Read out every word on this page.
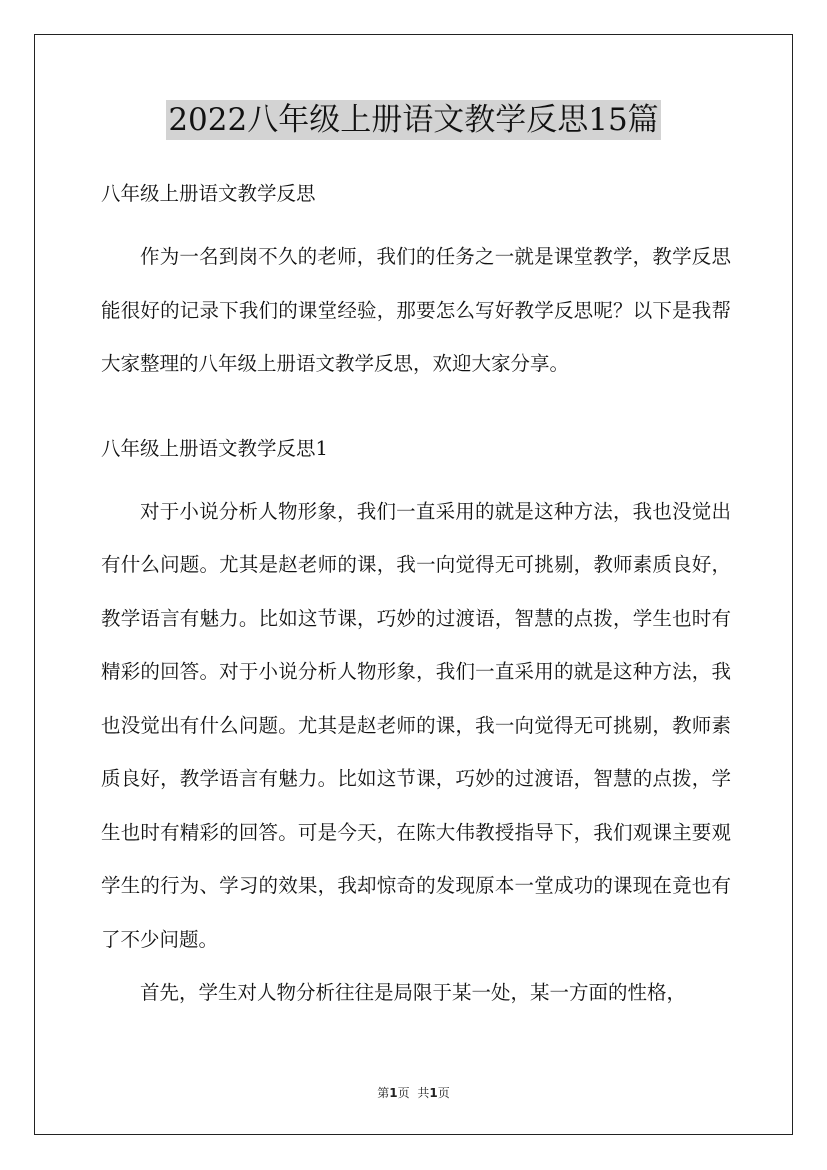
2022八年级上册语文教学反思15篇

八年级上册语文教学反思

作为一名到岗不久的老师，我们的任务之一就是课堂教学，教学反思能很好的记录下我们的课堂经验，那要怎么写好教学反思呢？以下是我帮大家整理的八年级上册语文教学反思，欢迎大家分享。

八年级上册语文教学反思1

对于小说分析人物形象，我们一直采用的就是这种方法，我也没觉出有什么问题。尤其是赵老师的课，我一向觉得无可挑剔，教师素质良好，教学语言有魅力。比如这节课，巧妙的过渡语，智慧的点拨，学生也时有精彩的回答。对于小说分析人物形象，我们一直采用的就是这种方法，我也没觉出有什么问题。尤其是赵老师的课，我一向觉得无可挑剔，教师素质良好，教学语言有魅力。比如这节课，巧妙的过渡语，智慧的点拨，学生也时有精彩的回答。可是今天，在陈大伟教授指导下，我们观课主要观学生的行为、学习的效果，我却惊奇的发现原本一堂成功的课现在竟也有了不少问题。

首先，学生对人物分析往往是局限于某一处，某一方面的性格，

第1页 共1页
